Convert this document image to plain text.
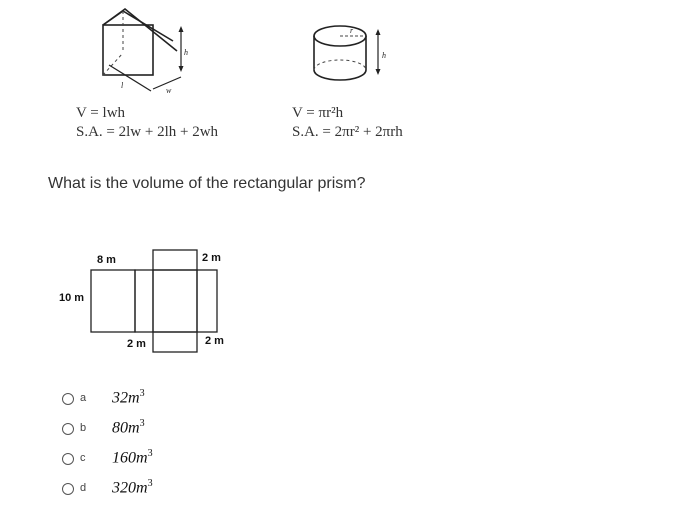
h
l
w
r
h
V = lwh
S.A. = 2lw + 2lh + 2wh
V = πr²h
S.A. = 2πr² + 2πrh
What is the volume of the rectangular prism?
8 m	2 m
10 m
2 m	2 m
a $32m^3$
b $80m^3$
c $160m^3$
d $320m^3$
